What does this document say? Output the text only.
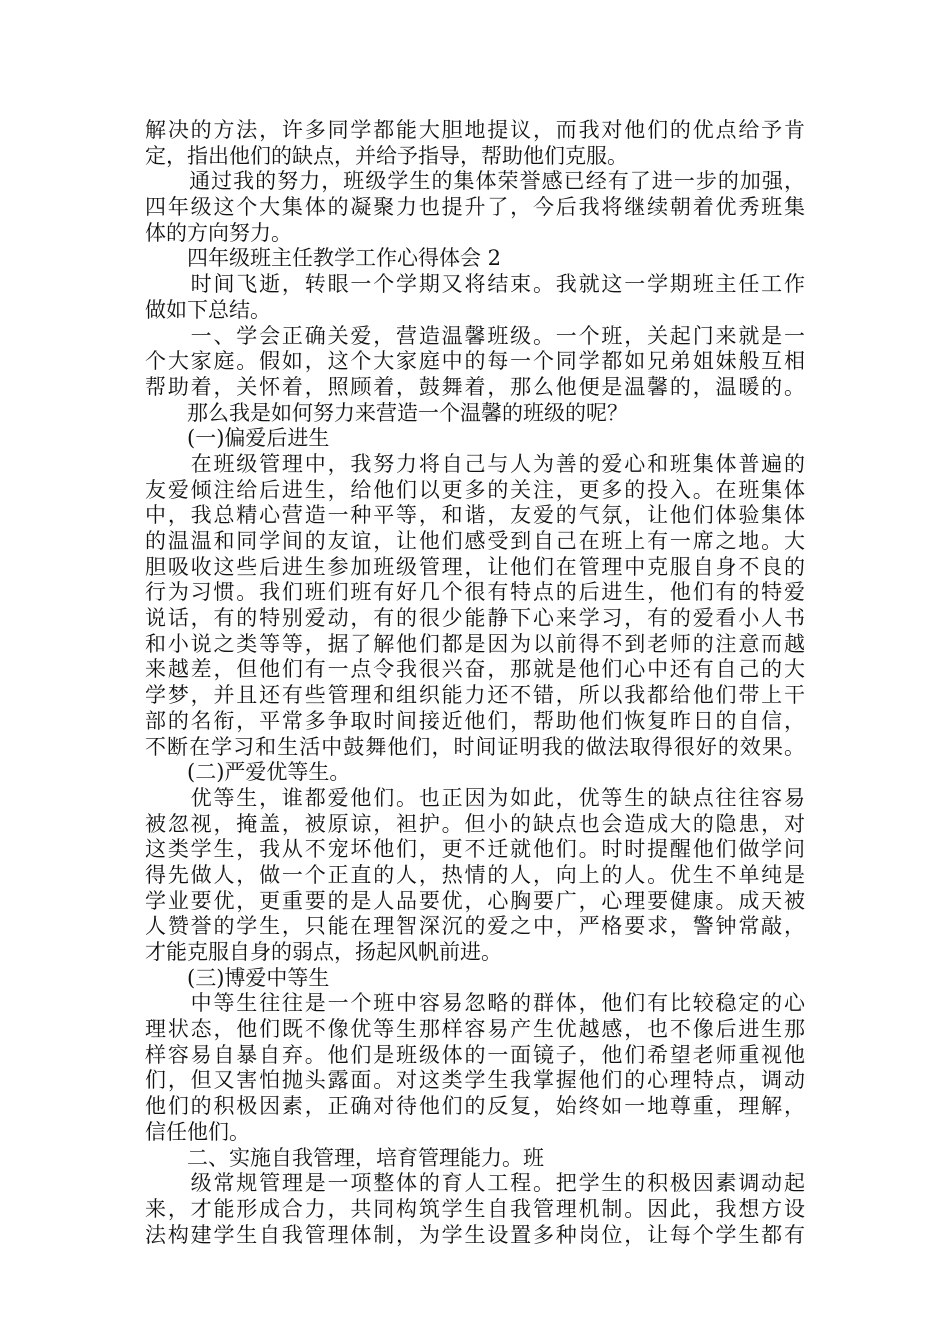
解决的方法，许多同学都能大胆地提议，而我对他们的优点给予肯
定，指出他们的缺点，并给予指导，帮助他们克服。
　　通过我的努力，班级学生的集体荣誉感已经有了进一步的加强，
四年级这个大集体的凝聚力也提升了，今后我将继续朝着优秀班集
体的方向努力。
　　四年级班主任教学工作心得体会 2
　　时间飞逝，转眼一个学期又将结束。我就这一学期班主任工作
做如下总结。
　　一、学会正确关爱，营造温馨班级。一个班，关起门来就是一
个大家庭。假如，这个大家庭中的每一个同学都如兄弟姐妹般互相
帮助着，关怀着，照顾着，鼓舞着，那么他便是温馨的，温暖的。
　　那么我是如何努力来营造一个温馨的班级的呢？
　　(一)偏爱后进生
　　在班级管理中，我努力将自己与人为善的爱心和班集体普遍的
友爱倾注给后进生，给他们以更多的关注，更多的投入。在班集体
中，我总精心营造一种平等，和谐，友爱的气氛，让他们体验集体
的温温和同学间的友谊，让他们感受到自己在班上有一席之地。大
胆吸收这些后进生参加班级管理，让他们在管理中克服自身不良的
行为习惯。我们班们班有好几个很有特点的后进生，他们有的特爱
说话，有的特别爱动，有的很少能静下心来学习，有的爱看小人书
和小说之类等等，据了解他们都是因为以前得不到老师的注意而越
来越差，但他们有一点令我很兴奋，那就是他们心中还有自己的大
学梦，并且还有些管理和组织能力还不错，所以我都给他们带上干
部的名衔，平常多争取时间接近他们，帮助他们恢复昨日的自信，
不断在学习和生活中鼓舞他们，时间证明我的做法取得很好的效果。
　　(二)严爱优等生。
　　优等生，谁都爱他们。也正因为如此，优等生的缺点往往容易
被忽视，掩盖，被原谅，袒护。但小的缺点也会造成大的隐患，对
这类学生，我从不宠坏他们，更不迁就他们。时时提醒他们做学问
得先做人，做一个正直的人，热情的人，向上的人。优生不单纯是
学业要优，更重要的是人品要优，心胸要广，心理要健康。成天被
人赞誉的学生，只能在理智深沉的爱之中，严格要求，警钟常敲，
才能克服自身的弱点，扬起风帆前进。
　　(三)博爱中等生
　　中等生往往是一个班中容易忽略的群体，他们有比较稳定的心
理状态，他们既不像优等生那样容易产生优越感，也不像后进生那
样容易自暴自弃。他们是班级体的一面镜子，他们希望老师重视他
们，但又害怕抛头露面。对这类学生我掌握他们的心理特点，调动
他们的积极因素，正确对待他们的反复，始终如一地尊重，理解，
信任他们。
　　二、实施自我管理，培育管理能力。班
　　级常规管理是一项整体的育人工程。把学生的积极因素调动起
来，才能形成合力，共同构筑学生自我管理机制。因此，我想方设
法构建学生自我管理体制，为学生设置多种岗位，让每个学生都有
